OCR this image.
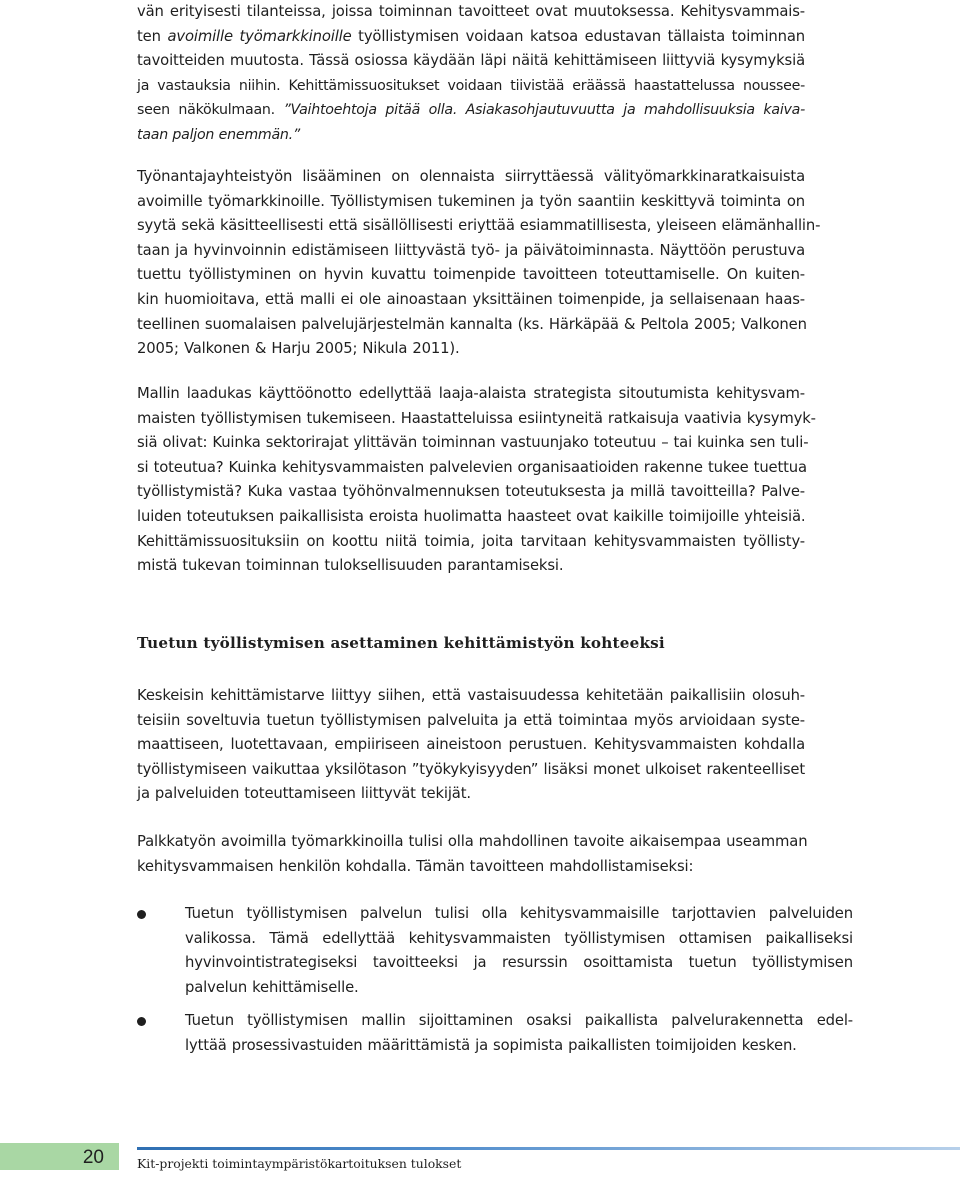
vän erityisesti tilanteissa, joissa toiminnan tavoitteet ovat muutoksessa. Kehitysvammais-

ten avoimille työmarkkinoille työllistymisen voidaan katsoa edustavan tällaista toiminnan

tavoitteiden muutosta. Tässä osiossa käydään läpi näitä kehittämiseen liittyviä kysymyksiä

ja vastauksia niihin. Kehittämissuositukset voidaan tiivistää eräässä haastattelussa noussee-

seen näkökulmaan. ”Vaihtoehtoja pitää olla. Asiakasohjautuvuutta ja mahdollisuuksia kaiva-

taan paljon enemmän.”

Työnantajayhteistyön lisääminen on olennaista siirryttäessä välityömarkkinaratkaisuista

avoimille työmarkkinoille. Työllistymisen tukeminen ja työn saantiin keskittyvä toiminta on

syytä sekä käsitteellisesti että sisällöllisesti eriyttää esiammatillisesta, yleiseen elämänhallin-

taan ja hyvinvoinnin edistämiseen liittyvästä työ- ja päivätoiminnasta. Näyttöön perustuva

tuettu työllistyminen on hyvin kuvattu toimenpide tavoitteen toteuttamiselle. On kuiten-

kin huomioitava, että malli ei ole ainoastaan yksittäinen toimenpide, ja sellaisenaan haas-

teellinen suomalaisen palvelujärjestelmän kannalta (ks. Härkäpää & Peltola 2005; Valkonen

2005; Valkonen & Harju 2005; Nikula 2011).

Mallin laadukas käyttöönotto edellyttää laaja-alaista strategista sitoutumista kehitysvam-

maisten työllistymisen tukemiseen. Haastatteluissa esiintyneitä ratkaisuja vaativia kysymyk-

siä olivat: Kuinka sektorirajat ylittävän toiminnan vastuunjako toteutuu – tai kuinka sen tuli-

si toteutua? Kuinka kehitysvammaisten palvelevien organisaatioiden rakenne tukee tuettua

työllistymistä? Kuka vastaa työhönvalmennuksen toteutuksesta ja millä tavoitteilla? Palve-

luiden toteutuksen paikallisista eroista huolimatta haasteet ovat kaikille toimijoille yhteisiä.

Kehittämissuosituksiin on koottu niitä toimia, joita tarvitaan kehitysvammaisten työllisty-

mistä tukevan toiminnan tuloksellisuuden parantamiseksi.

Tuetun työllistymisen asettaminen kehittämistyön kohteeksi

Keskeisin kehittämistarve liittyy siihen, että vastaisuudessa kehitetään paikallisiin olosuh-

teisiin soveltuvia tuetun työllistymisen palveluita ja että toimintaa myös arvioidaan syste-

maattiseen, luotettavaan, empiiriseen aineistoon perustuen. Kehitysvammaisten kohdalla

työllistymiseen vaikuttaa yksilötason ”työkykyisyyden” lisäksi monet ulkoiset rakenteelliset

ja palveluiden toteuttamiseen liittyvät tekijät.

Palkkatyön avoimilla työmarkkinoilla tulisi olla mahdollinen tavoite aikaisempaa useamman

kehitysvammaisen henkilön kohdalla. Tämän tavoitteen mahdollistamiseksi:

Tuetun työllistymisen palvelun tulisi olla kehitysvammaisille tarjottavien palveluiden

valikossa. Tämä edellyttää kehitysvammaisten työllistymisen ottamisen paikalliseksi

hyvinvointistrategiseksi tavoitteeksi ja resurssin osoittamista tuetun työllistymisen

palvelun kehittämiselle.

Tuetun työllistymisen mallin sijoittaminen osaksi paikallista palvelurakennetta edel-

lyttää prosessivastuiden määrittämistä ja sopimista paikallisten toimijoiden kesken.

20	Kit-projekti toimintaympäristökartoituksen tulokset
